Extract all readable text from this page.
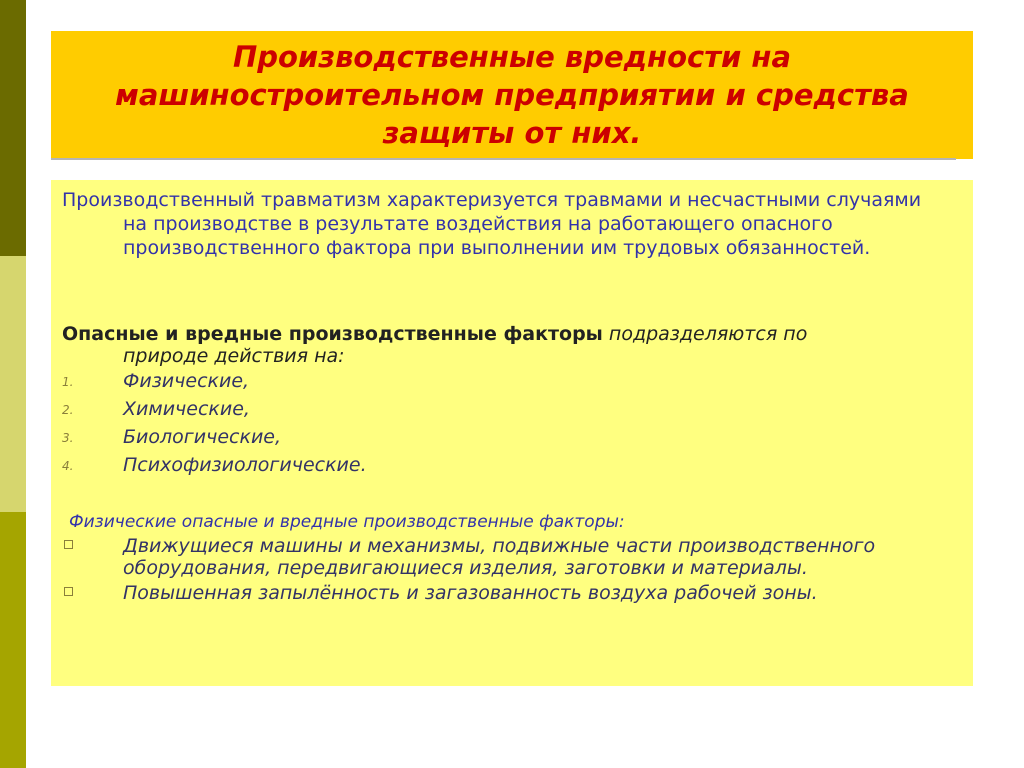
Производственные вредности на машиностроительном предприятии и средства защиты от них.

Производственный травматизм характеризуется травмами и несчастными случаями на производстве в результате воздействия на работающего опасного производственного фактора при выполнении им трудовых обязанностей.

Опасные и вредные производственные факторы подразделяются по
природе действия на:

1.	Физические,
2.	Химические,
3.	Биологические,
4.	Психофизиологические.

Физические опасные и вредные производственные факторы:

Движущиеся машины и механизмы, подвижные части производственного оборудования, передвигающиеся изделия, заготовки и материалы.
Повышенная запылённость и загазованность воздуха рабочей зоны.
